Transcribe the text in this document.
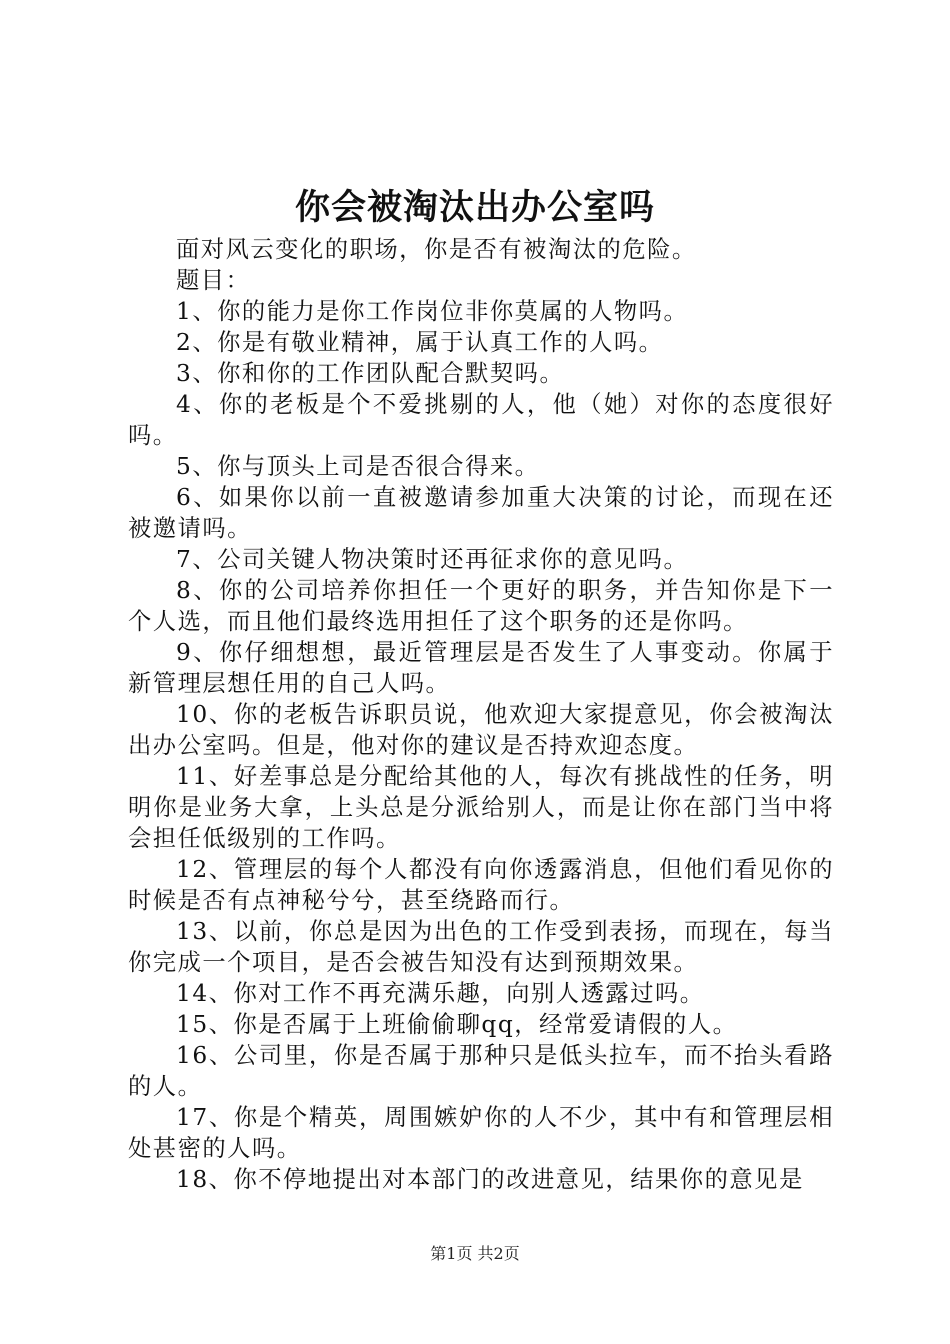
你会被淘汰出办公室吗

面对风云变化的职场，你是否有被淘汰的危险。

题目：

1、你的能力是你工作岗位非你莫属的人物吗。

2、你是有敬业精神，属于认真工作的人吗。

3、你和你的工作团队配合默契吗。

4、你的老板是个不爱挑剔的人，他（她）对你的态度很好吗。

5、你与顶头上司是否很合得来。

6、如果你以前一直被邀请参加重大决策的讨论，而现在还被邀请吗。

7、公司关键人物决策时还再征求你的意见吗。

8、你的公司培养你担任一个更好的职务，并告知你是下一个人选，而且他们最终选用担任了这个职务的还是你吗。

9、你仔细想想，最近管理层是否发生了人事变动。你属于新管理层想任用的自己人吗。

10、你的老板告诉职员说，他欢迎大家提意见，你会被淘汰出办公室吗。但是，他对你的建议是否持欢迎态度。

11、好差事总是分配给其他的人，每次有挑战性的任务，明明你是业务大拿，上头总是分派给别人，而是让你在部门当中将会担任低级别的工作吗。

12、管理层的每个人都没有向你透露消息，但他们看见你的时候是否有点神秘兮兮，甚至绕路而行。

13、以前，你总是因为出色的工作受到表扬，而现在，每当你完成一个项目，是否会被告知没有达到预期效果。

14、你对工作不再充满乐趣，向别人透露过吗。

15、你是否属于上班偷偷聊qq，经常爱请假的人。

16、公司里，你是否属于那种只是低头拉车，而不抬头看路的人。

17、你是个精英，周围嫉妒你的人不少，其中有和管理层相处甚密的人吗。

18、你不停地提出对本部门的改进意见，结果你的意见是

第1页 共2页
